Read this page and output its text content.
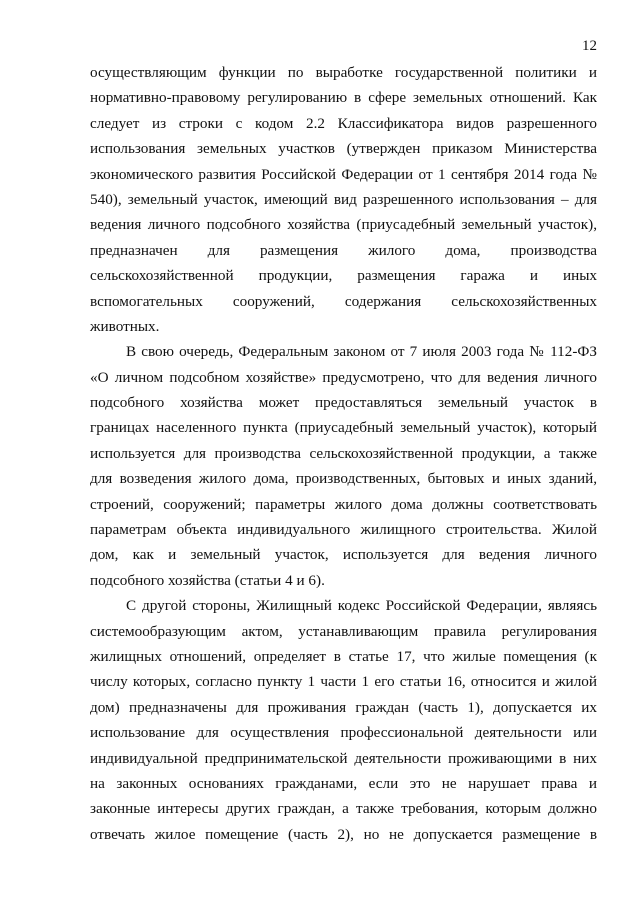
12
осуществляющим функции по выработке государственной политики и
нормативно-правовому регулированию в сфере земельных отношений. Как
следует из строки с кодом 2.2 Классификатора видов разрешенного
использования земельных участков (утвержден приказом Министерства
экономического развития Российской Федерации от 1 сентября 2014 года №
540), земельный участок, имеющий вид разрешенного использования – для
ведения личного подсобного хозяйства (приусадебный земельный участок),
предназначен для размещения жилого дома, производства
сельскохозяйственной продукции, размещения гаража и иных
вспомогательных сооружений, содержания сельскохозяйственных
животных.
В свою очередь, Федеральным законом от 7 июля 2003 года № 112-ФЗ
«О личном подсобном хозяйстве» предусмотрено, что для ведения личного
подсобного хозяйства может предоставляться земельный участок в
границах населенного пункта (приусадебный земельный участок), который
используется для производства сельскохозяйственной продукции, а также
для возведения жилого дома, производственных, бытовых и иных зданий,
строений, сооружений; параметры жилого дома должны соответствовать
параметрам объекта индивидуального жилищного строительства. Жилой
дом, как и земельный участок, используется для ведения личного
подсобного хозяйства (статьи 4 и 6).
С другой стороны, Жилищный кодекс Российской Федерации, являясь
системообразующим актом, устанавливающим правила регулирования
жилищных отношений, определяет в статье 17, что жилые помещения (к
числу которых, согласно пункту 1 части 1 его статьи 16, относится и жилой
дом) предназначены для проживания граждан (часть 1), допускается их
использование для осуществления профессиональной деятельности или
индивидуальной предпринимательской деятельности проживающими в них
на законных основаниях гражданами, если это не нарушает права и
законные интересы других граждан, а также требования, которым должно
отвечать жилое помещение (часть 2), но не допускается размещение в
